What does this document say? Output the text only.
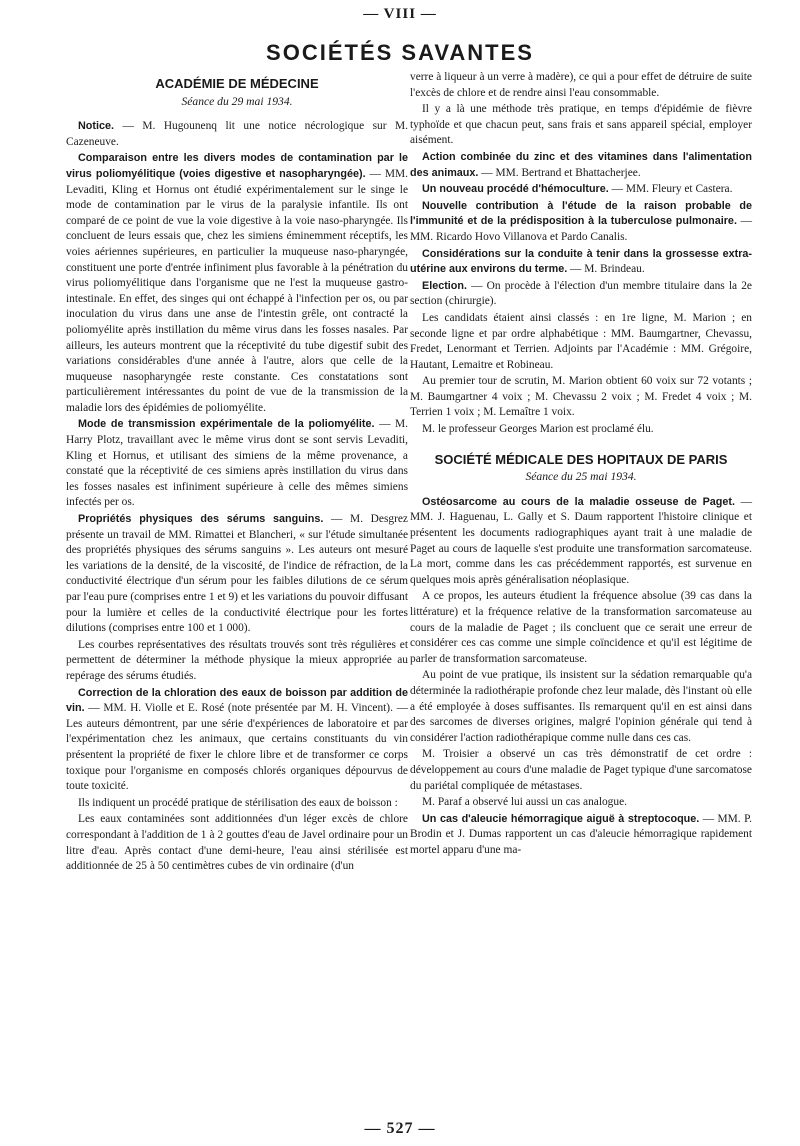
— VIII —
SOCIÉTÉS SAVANTES
ACADÉMIE DE MÉDECINE
Séance du 29 mai 1934.

Notice. — M. Hugounenq lit une notice nécrologique sur M. Cazeneuve.

Comparaison entre les divers modes de contamination par le virus poliomyélitique (voies digestive et nasopharyngée). — MM. Levaditi, Kling et Hornus ont étudié expérimentalement sur le singe le mode de contamination par le virus de la paralysie infantile. Ils ont comparé de ce point de vue la voie digestive à la voie naso-pharyngée. Ils concluent de leurs essais que, chez les simiens éminemment réceptifs, les voies aériennes supérieures, en particulier la muqueuse naso-pharyngée, constituent une porte d'entrée infiniment plus favorable à la pénétration du virus poliomyélitique dans l'organisme que ne l'est la muqueuse gastro-intestinale. En effet, des singes qui ont échappé à l'infection per os, ou par inoculation du virus dans une anse de l'intestin grêle, ont contracté la poliomyélite après instillation du même virus dans les fosses nasales. Par ailleurs, les auteurs montrent que la réceptivité du tube digestif subit des variations considérables d'une année à l'autre, alors que celle de la muqueuse nasopharyngée reste constante. Ces constatations sont particulièrement intéressantes du point de vue de la transmission de la maladie lors des épidémies de poliomyélite.

Mode de transmission expérimentale de la poliomyélite. — M. Harry Plotz, travaillant avec le même virus dont se sont servis Levaditi, Kling et Hornus, et utilisant des simiens de la même provenance, a constaté que la réceptivité de ces simiens après instillation du virus dans les fosses nasales est infiniment supérieure à celle des mêmes simiens infectés per os.

Propriétés physiques des sérums sanguins. — M. Desgrez présente un travail de MM. Rimattei et Blancheri, « sur l'étude simultanée des propriétés physiques des sérums sanguins ». Les auteurs ont mesuré les variations de la densité, de la viscosité, de l'indice de réfraction, de la conductivité électrique d'un sérum pour les faibles dilutions de ce sérum par l'eau pure (comprises entre 1 et 9) et les variations du pouvoir diffusant pour la lumière et celles de la conductivité électrique pour les fortes dilutions (comprises entre 100 et 1 000).

Les courbes représentatives des résultats trouvés sont très régulières et permettent de déterminer la méthode physique la mieux appropriée au repérage des sérums étudiés.

Correction de la chloration des eaux de boisson par addition de vin. — MM. H. Violle et E. Rosé (note présentée par M. H. Vincent). — Les auteurs démontrent, par une série d'expériences de laboratoire et par l'expérimentation chez les animaux, que certains constituants du vin présentent la propriété de fixer le chlore libre et de transformer ce corps toxique pour l'organisme en composés chlorés organiques dépourvus de toute toxicité.

Ils indiquent un procédé pratique de stérilisation des eaux de boisson :

Les eaux contaminées sont additionnées d'un léger excès de chlore correspondant à l'addition de 1 à 2 gouttes d'eau de Javel ordinaire pour un litre d'eau. Après contact d'une demi-heure, l'eau ainsi stérilisée est additionnée de 25 à 50 centimètres cubes de vin ordinaire (d'un

verre à liqueur à un verre à madère), ce qui a pour effet de détruire de suite l'excès de chlore et de rendre ainsi l'eau consommable.

Il y a là une méthode très pratique, en temps d'épidémie de fièvre typhoïde et que chacun peut, sans frais et sans appareil spécial, employer aisément.

Action combinée du zinc et des vitamines dans l'alimentation des animaux. — MM. Bertrand et Bhattacherjee.

Un nouveau procédé d'hémoculture. — MM. Fleury et Castera.

Nouvelle contribution à l'étude de la raison probable de l'immunité et de la prédisposition à la tuberculose pulmonaire. — MM. Ricardo Hovo Villanova et Pardo Canalis.

Considérations sur la conduite à tenir dans la grossesse extra-utérine aux environs du terme. — M. Brindeau.

Election. — On procède à l'élection d'un membre titulaire dans la 2e section (chirurgie).

Les candidats étaient ainsi classés : en 1re ligne, M. Marion ; en seconde ligne et par ordre alphabétique : MM. Baumgartner, Chevassu, Fredet, Lenormant et Terrien. Adjoints par l'Académie : MM. Grégoire, Hautant, Lemaitre et Robineau.

Au premier tour de scrutin, M. Marion obtient 60 voix sur 72 votants ; M. Baumgartner 4 voix ; M. Chevassu 2 voix ; M. Fredet 4 voix ; M. Terrien 1 voix ; M. Lemaître 1 voix.

M. le professeur Georges Marion est proclamé élu.

SOCIÉTÉ MÉDICALE DES HOPITAUX DE PARIS
Séance du 25 mai 1934.

Ostéosarcome au cours de la maladie osseuse de Paget. — MM. J. Haguenau, L. Gally et S. Daum rapportent l'histoire clinique et présentent les documents radiographiques ayant trait à une maladie de Paget au cours de laquelle s'est produite une transformation sarcomateuse. La mort, comme dans les cas précédemment rapportés, est survenue en quelques mois après généralisation néoplasique.

A ce propos, les auteurs étudient la fréquence absolue (39 cas dans la littérature) et la fréquence relative de la transformation sarcomateuse au cours de la maladie de Paget ; ils concluent que ce serait une erreur de considérer ces cas comme une simple coïncidence et qu'il est légitime de parler de transformation sarcomateuse.

Au point de vue pratique, ils insistent sur la sédation remarquable qu'a déterminée la radiothérapie profonde chez leur malade, dès l'instant où elle a été employée à doses suffisantes. Ils remarquent qu'il en est ainsi dans des sarcomes de diverses origines, malgré l'opinion générale qui tend à considérer l'action radiothérapique comme nulle dans ces cas.

M. Troisier a observé un cas très démonstratif de cet ordre : développement au cours d'une maladie de Paget typique d'une sarcomatose du pariétal compliquée de métastases.

M. Paraf a observé lui aussi un cas analogue.

Un cas d'aleucie hémorragique aiguë à streptocoque. — MM. P. Brodin et J. Dumas rapportent un cas d'aleucie hémorragique rapidement mortel apparu d'une ma-

— 527 —
